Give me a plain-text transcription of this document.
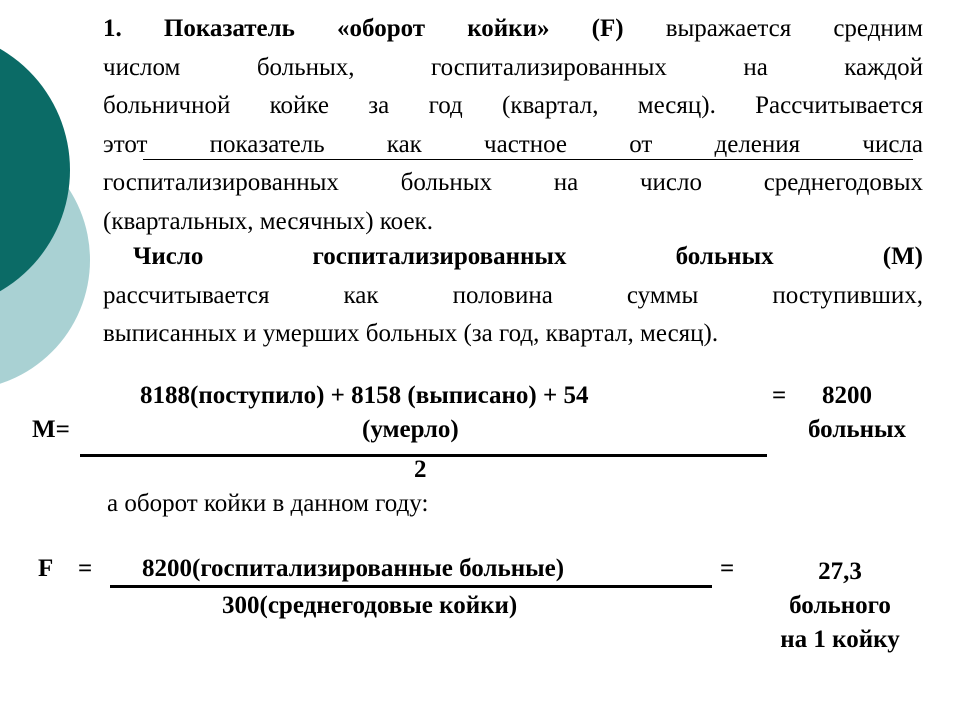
1. Показатель «оборот койки» (F) выражается средним
числом больных, госпитализированных на каждой
больничной койке за год (квартал, месяц). Рассчитывается
этот показатель как частное от деления числа
госпитализированных больных на число среднегодовых
(квартальных, месячных) коек.
Число госпитализированных больных (М)
рассчитывается как половина суммы поступивших,
выписанных и умерших больных (за год, квартал, месяц).
8188(поступило) + 8158 (выписано) + 54
(умерло)
М=
2
= 8200
больных
а оборот койки в данном году:
F = 8200(госпитализированные больные)
300(среднегодовые койки)
=	27,3
больного
на 1 койку
